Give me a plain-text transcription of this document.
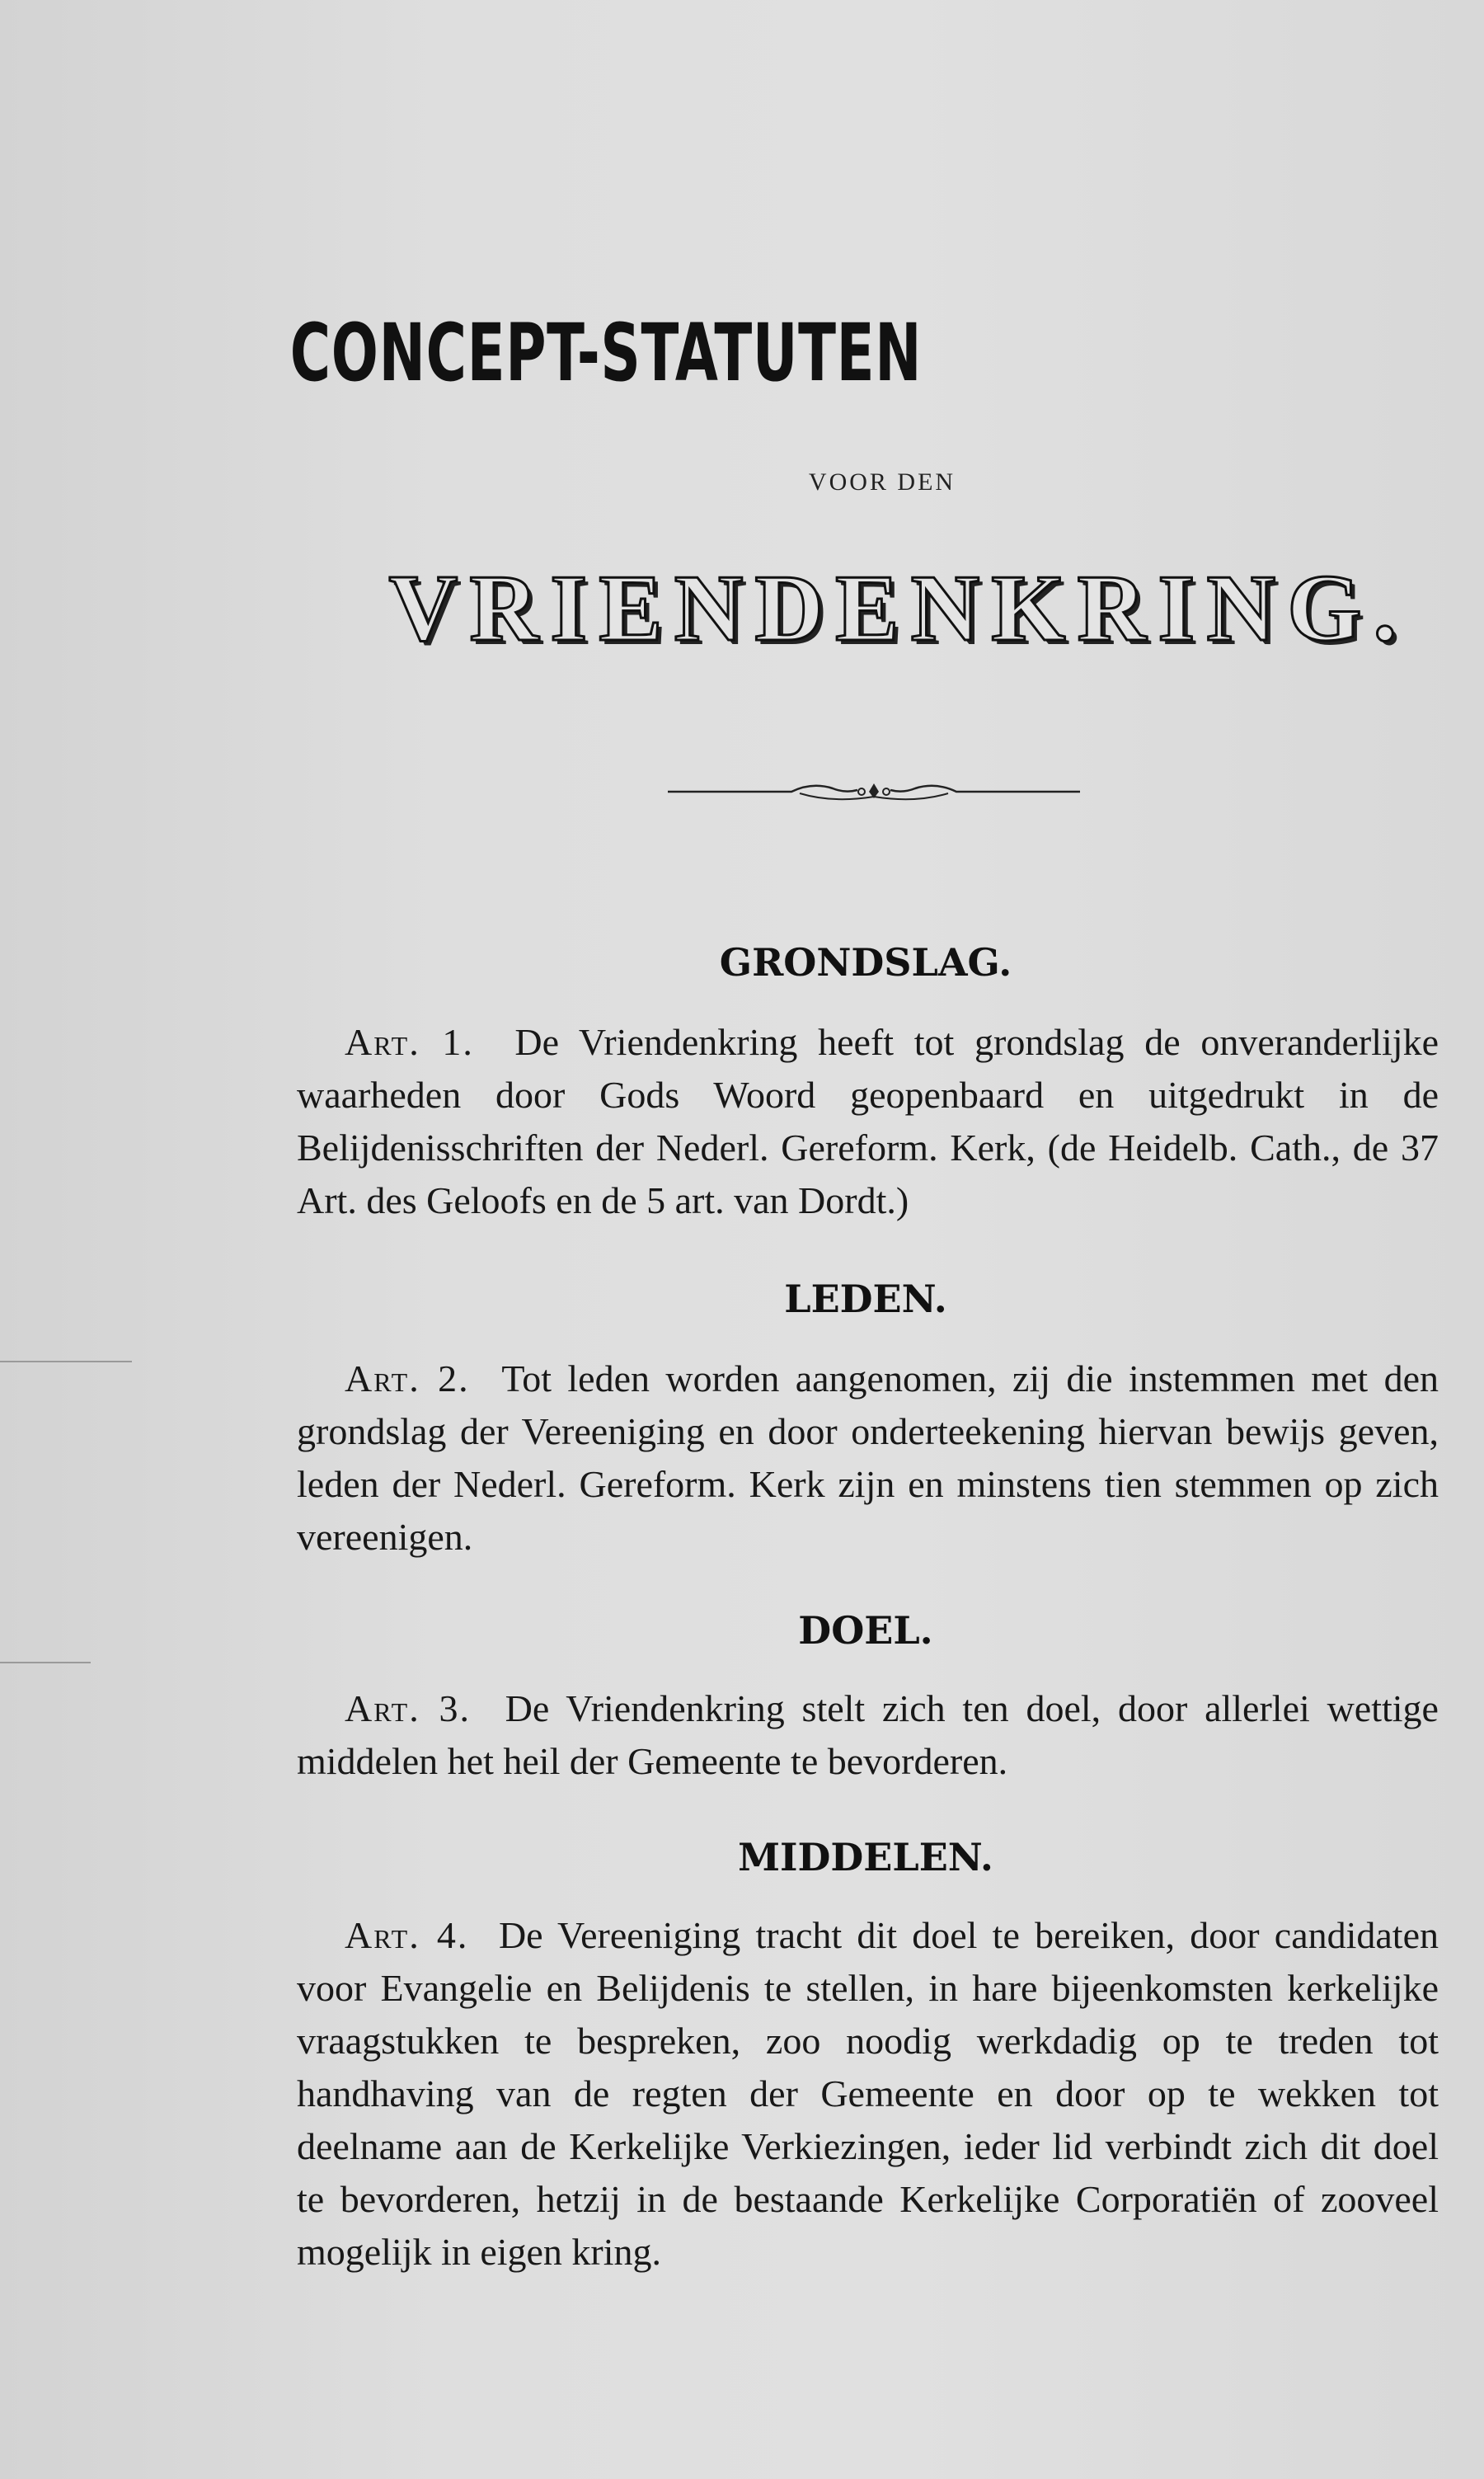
CONCEPT-STATUTEN
VOOR DEN
VRIENDENKRING.
GRONDSLAG.
Art. 1. De Vriendenkring heeft tot grondslag de onveranderlijke waarheden door Gods Woord geopenbaard en uitgedrukt in de Belijdenisschriften der Nederl. Gereform. Kerk, (de Heidelb. Cath., de 37 Art. des Geloofs en de 5 art. van Dordt.)
LEDEN.
Art. 2. Tot leden worden aangenomen, zij die instemmen met den grondslag der Vereeniging en door onderteekening hiervan bewijs geven, leden der Nederl. Gereform. Kerk zijn en minstens tien stemmen op zich vereenigen.
DOEL.
Art. 3. De Vriendenkring stelt zich ten doel, door allerlei wettige middelen het heil der Gemeente te bevorderen.
MIDDELEN.
Art. 4. De Vereeniging tracht dit doel te bereiken, door candidaten voor Evangelie en Belijdenis te stellen, in hare bijeenkomsten kerkelijke vraagstukken te bespreken, zoo noodig werkdadig op te treden tot handhaving van de regten der Gemeente en door op te wekken tot deelname aan de Kerkelijke Verkiezingen, ieder lid verbindt zich dit doel te bevorderen, hetzij in de bestaande Kerkelijke Corporatiën of zooveel mogelijk in eigen kring.
